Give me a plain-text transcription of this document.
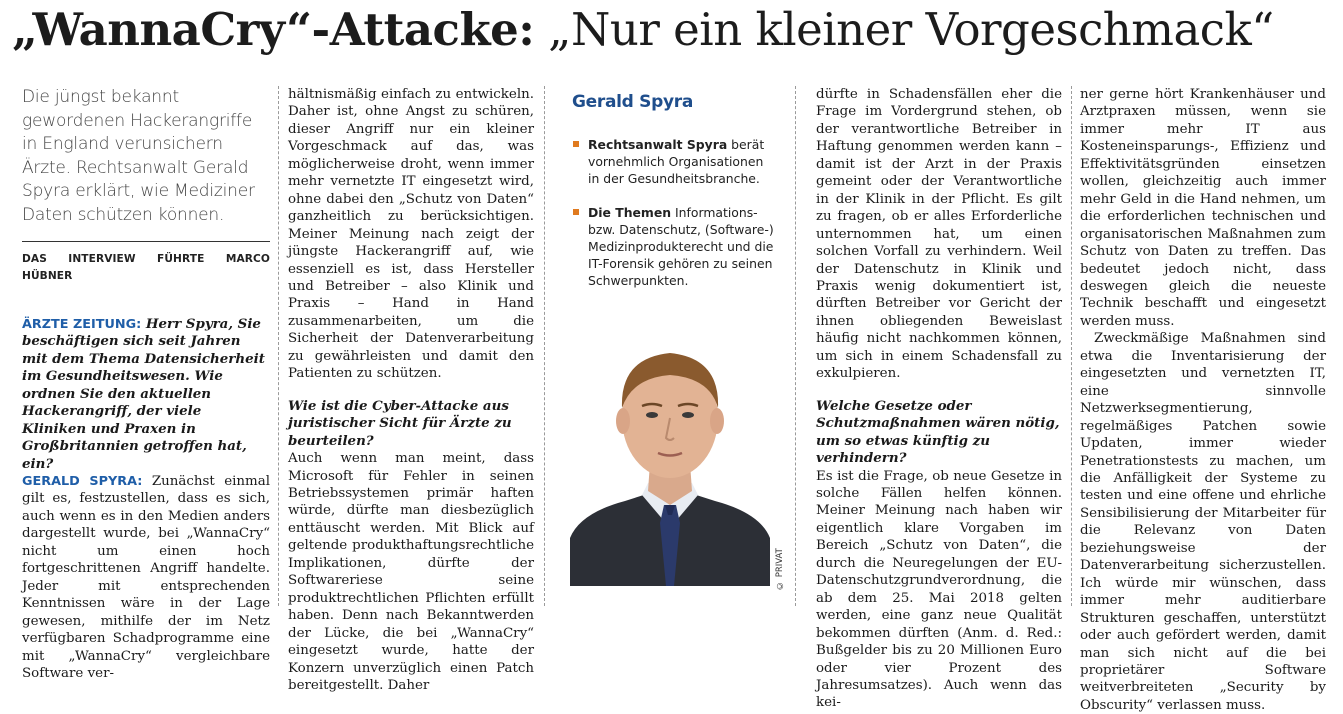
„WannaCry“-Attacke: „Nur ein kleiner Vorgeschmack“

Die jüngst bekannt gewordenen Hackerangriffe in England verunsichern Ärzte. Rechtsanwalt Gerald Spyra erklärt, wie Mediziner Daten schützen können.

DAS INTERVIEW FÜHRTE MARCO HÜBNER

ÄRZTE ZEITUNG: Herr Spyra, Sie beschäftigen sich seit Jahren mit dem Thema Datensicherheit im Gesundheitswesen. Wie ordnen Sie den aktuellen Hackerangriff, der viele Kliniken und Praxen in Großbritannien getroffen hat, ein?

GERALD SPYRA: Zunächst einmal gilt es, festzustellen, dass es sich, auch wenn es in den Medien anders dargestellt wurde, bei „WannaCry“ nicht um einen hoch fortgeschrittenen Angriff handelte. Jeder mit entsprechenden Kenntnissen wäre in der Lage gewesen, mithilfe der im Netz verfügbaren Schadprogramme eine mit „WannaCry“ vergleichbare Software ver-

hältnismäßig einfach zu entwickeln. Daher ist, ohne Angst zu schüren, dieser Angriff nur ein kleiner Vorgeschmack auf das, was möglicherweise droht, wenn immer mehr vernetzte IT eingesetzt wird, ohne dabei den „Schutz von Daten“ ganzheitlich zu berücksichtigen. Meiner Meinung nach zeigt der jüngste Hackerangriff auf, wie essenziell es ist, dass Hersteller und Betreiber – also Klinik und Praxis – Hand in Hand zusammenarbeiten, um die Sicherheit der Datenverarbeitung zu gewährleisten und damit den Patienten zu schützen.

Wie ist die Cyber-Attacke aus juristischer Sicht für Ärzte zu beurteilen?

Auch wenn man meint, dass Microsoft für Fehler in seinen Betriebssystemen primär haften würde, dürfte man diesbezüglich enttäuscht werden. Mit Blick auf geltende produkthaftungsrechtliche Implikationen, dürfte der Softwareriese seine produktrechtlichen Pflichten erfüllt haben. Denn nach Bekanntwerden der Lücke, die bei „WannaCry“ eingesetzt wurde, hatte der Konzern unverzüglich einen Patch bereitgestellt. Daher

Gerald Spyra
Rechtsanwalt Spyra berät vornehmlich Organisationen in der Gesundheitsbranche.
Die Themen Informations- bzw. Datenschutz, (Software-) Medizinprodukterecht und die IT-Forensik gehören zu seinen Schwerpunkten.
© PRIVAT

dürfte in Schadensfällen eher die Frage im Vordergrund stehen, ob der verantwortliche Betreiber in Haftung genommen werden kann – damit ist der Arzt in der Praxis gemeint oder der Verantwortliche in der Klinik in der Pflicht. Es gilt zu fragen, ob er alles Erforderliche unternommen hat, um einen solchen Vorfall zu verhindern. Weil der Datenschutz in Klinik und Praxis wenig dokumentiert ist, dürften Betreiber vor Gericht der ihnen obliegenden Beweislast häufig nicht nachkommen können, um sich in einem Schadensfall zu exkulpieren.

Welche Gesetze oder Schutzmaßnahmen wären nötig, um so etwas künftig zu verhindern?

Es ist die Frage, ob neue Gesetze in solche Fällen helfen können. Meiner Meinung nach haben wir eigentlich klare Vorgaben im Bereich „Schutz von Daten“, die durch die Neuregelungen der EU-Datenschutzgrundverordnung, die ab dem 25. Mai 2018 gelten werden, eine ganz neue Qualität bekommen dürften (Anm. d. Red.: Bußgelder bis zu 20 Millionen Euro oder vier Prozent des Jahresumsatzes). Auch wenn das kei-

ner gerne hört Krankenhäuser und Arztpraxen müssen, wenn sie immer mehr IT aus Kosteneinsparungs-, Effizienz und Effektivitätsgründen einsetzen wollen, gleichzeitig auch immer mehr Geld in die Hand nehmen, um die erforderlichen technischen und organisatorischen Maßnahmen zum Schutz von Daten zu treffen. Das bedeutet jedoch nicht, dass deswegen gleich die neueste Technik beschafft und eingesetzt werden muss.

Zweckmäßige Maßnahmen sind etwa die Inventarisierung der eingesetzten und vernetzten IT, eine sinnvolle Netzwerksegmentierung, regelmäßiges Patchen sowie Updaten, immer wieder Penetrationstests zu machen, um die Anfälligkeit der Systeme zu testen und eine offene und ehrliche Sensibilisierung der Mitarbeiter für die Relevanz von Daten beziehungsweise der Datenverarbeitung sicherzustellen. Ich würde mir wünschen, dass immer mehr auditierbare Strukturen geschaffen, unterstützt oder auch gefördert werden, damit man sich nicht auf die bei proprietärer Software weitverbreiteten „Security by Obscurity“ verlassen muss.
